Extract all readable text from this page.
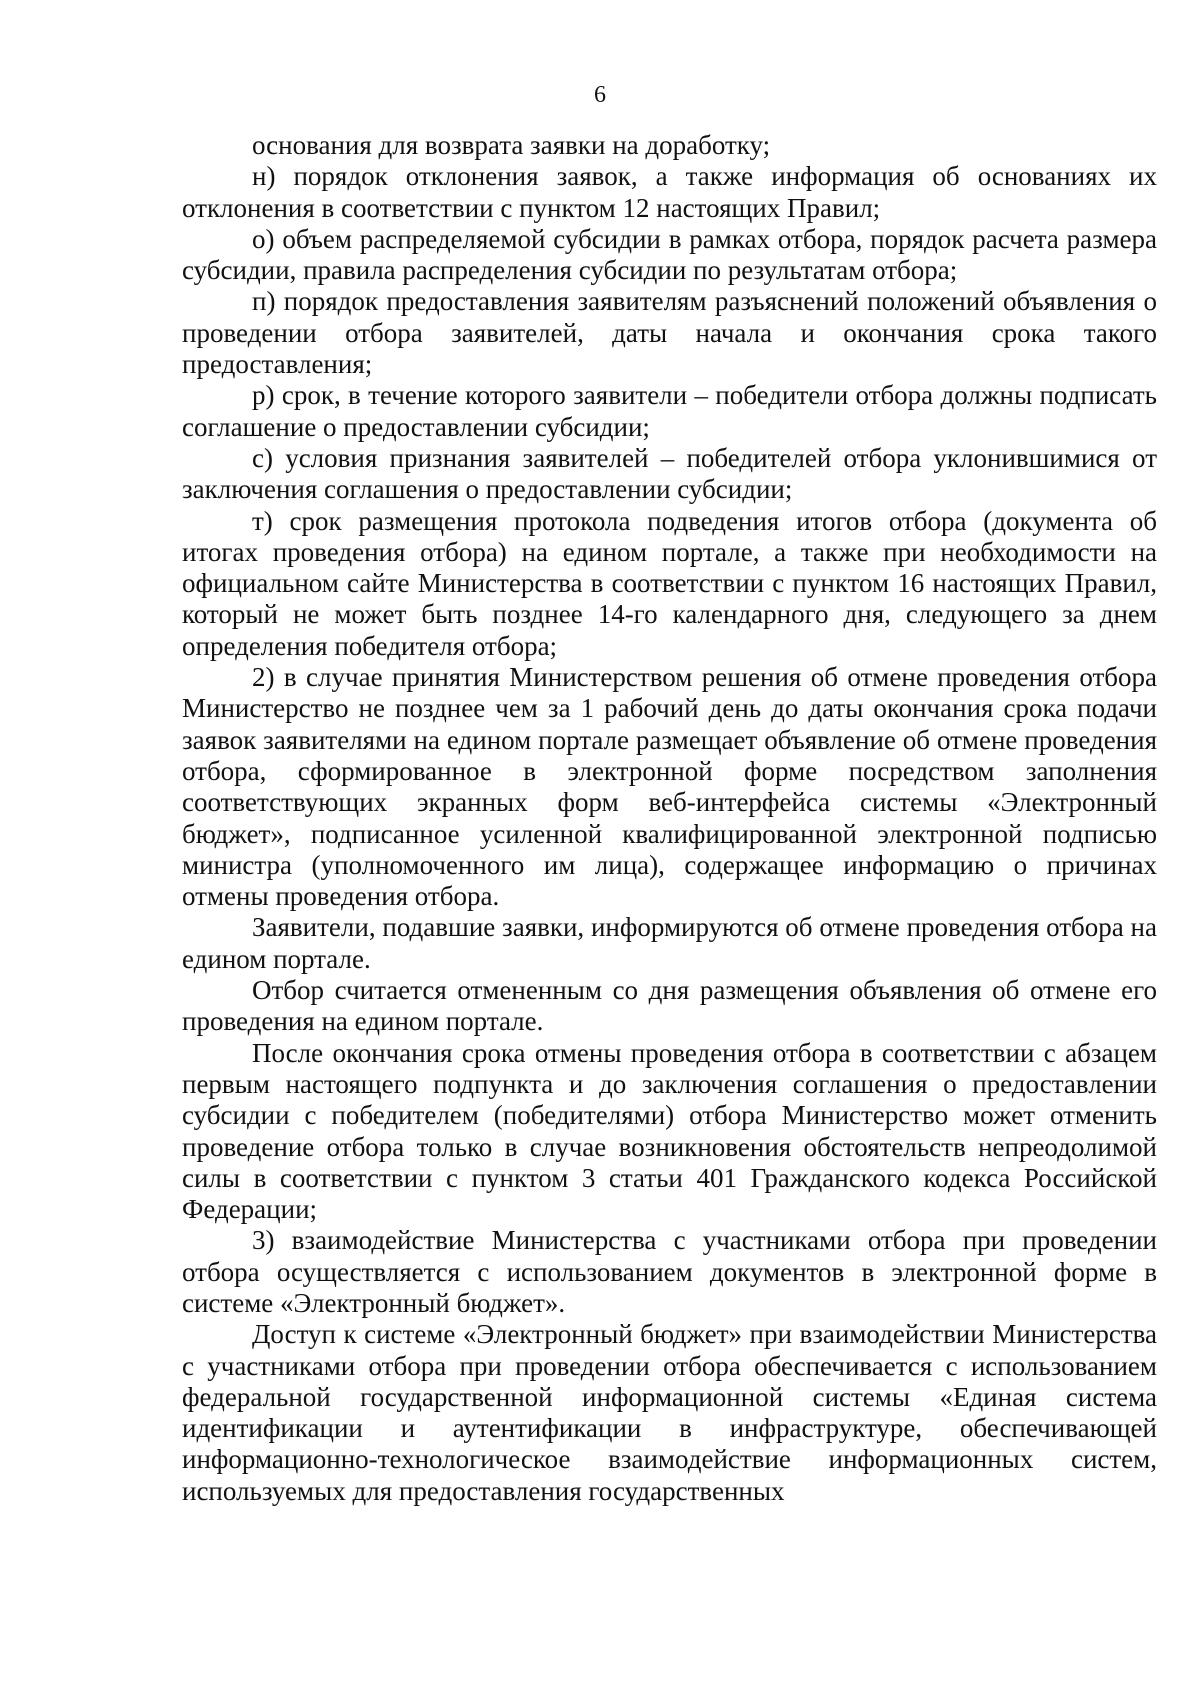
6

основания для возврата заявки на доработку;

н) порядок отклонения заявок, а также информация об основаниях их отклонения в соответствии с пунктом 12 настоящих Правил;

о) объем распределяемой субсидии в рамках отбора, порядок расчета размера субсидии, правила распределения субсидии по результатам отбора;

п) порядок предоставления заявителям разъяснений положений объявления о проведении отбора заявителей, даты начала и окончания срока такого предоставления;

р) срок, в течение которого заявители – победители отбора должны подписать соглашение о предоставлении субсидии;

с) условия признания заявителей – победителей отбора уклонившимися от заключения соглашения о предоставлении субсидии;

т) срок размещения протокола подведения итогов отбора (документа об итогах проведения отбора) на едином портале, а также при необходимости на официальном сайте Министерства в соответствии с пунктом 16 настоящих Правил, который не может быть позднее 14-го календарного дня, следующего за днем определения победителя отбора;

2) в случае принятия Министерством решения об отмене проведения отбора Министерство не позднее чем за 1 рабочий день до даты окончания срока подачи заявок заявителями на едином портале размещает объявление об отмене проведения отбора, сформированное в электронной форме посредством заполнения соответствующих экранных форм веб-интерфейса системы «Электронный бюджет», подписанное усиленной квалифицированной электронной подписью министра (уполномоченного им лица), содержащее информацию о причинах отмены проведения отбора.

Заявители, подавшие заявки, информируются об отмене проведения отбора на едином портале.

Отбор считается отмененным со дня размещения объявления об отмене его проведения на едином портале.

После окончания срока отмены проведения отбора в соответствии с абзацем первым настоящего подпункта и до заключения соглашения о предоставлении субсидии с победителем (победителями) отбора Министерство может отменить проведение отбора только в случае возникновения обстоятельств непреодолимой силы в соответствии с пунктом 3 статьи 401 Гражданского кодекса Российской Федерации;

3) взаимодействие Министерства с участниками отбора при проведении отбора осуществляется с использованием документов в электронной форме в системе «Электронный бюджет».

Доступ к системе «Электронный бюджет» при взаимодействии Министерства с участниками отбора при проведении отбора обеспечивается с использованием федеральной государственной информационной системы «Единая система идентификации и аутентификации в инфраструктуре, обеспечивающей информационно-технологическое взаимодействие информационных систем, используемых для предоставления государственных
